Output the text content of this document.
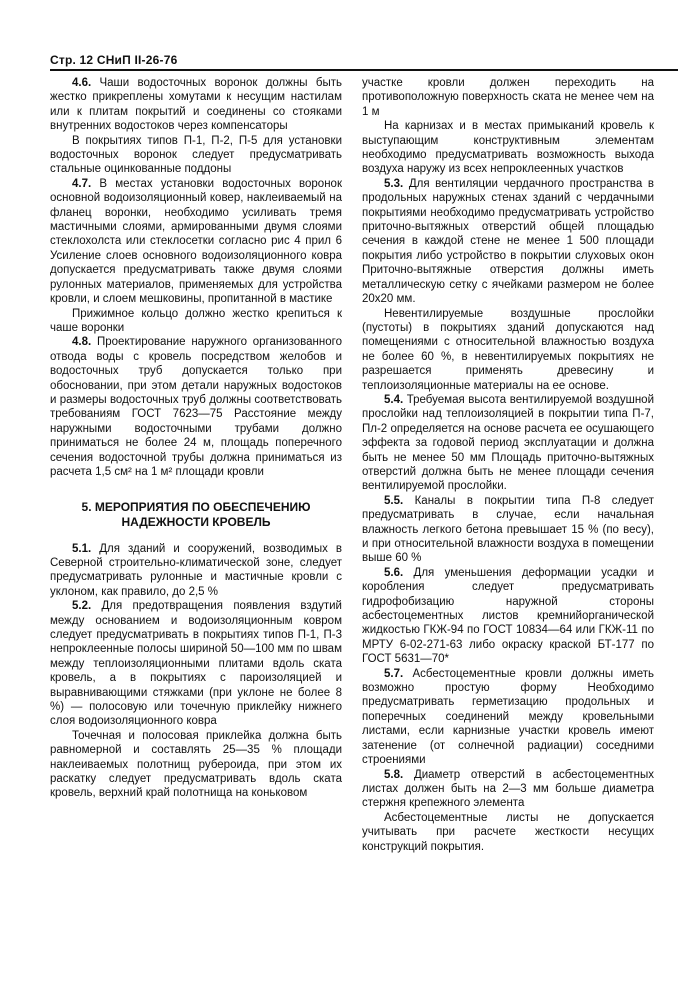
Стр. 12 СНиП II-26-76

4.6. Чаши водосточных воронок должны быть жестко прикреплены хомутами к несущим настилам или к плитам покрытий и соединены со стояками внутренних водостоков через компенсаторы

В покрытиях типов П-1, П-2, П-5 для установки водосточных воронок следует предусматривать стальные оцинкованные поддоны

4.7. В местах установки водосточных воронок основной водоизоляционный ковер, наклеиваемый на фланец воронки, необходимо усиливать тремя мастичными слоями, армированными двумя слоями стеклохолста или стеклосетки согласно рис 4 прил 6 Усиление слоев основного водоизоляционного ковра допускается предусматривать также двумя слоями рулонных материалов, применяемых для устройства кровли, и слоем мешковины, пропитанной в мастике

Прижимное кольцо должно жестко крепиться к чаше воронки

4.8. Проектирование наружного организованного отвода воды с кровель посредством желобов и водосточных труб допускается только при обосновании, при этом детали наружных водостоков и размеры водосточных труб должны соответствовать требованиям ГОСТ 7623—75 Расстояние между наружными водосточными трубами должно приниматься не более 24 м, площадь поперечного сечения водосточной трубы должна приниматься из расчета 1,5 см² на 1 м² площади кровли

5. МЕРОПРИЯТИЯ ПО ОБЕСПЕЧЕНИЮ
НАДЕЖНОСТИ КРОВЕЛЬ

5.1. Для зданий и сооружений, возводимых в Северной строительно-климатической зоне, следует предусматривать рулонные и мастичные кровли с уклоном, как правило, до 2,5 %

5.2. Для предотвращения появления вздутий между основанием и водоизоляционным ковром следует предусматривать в покрытиях типов П-1, П-3 непроклеенные полосы шириной 50—100 мм по швам между теплоизоляционными плитами вдоль ската кровель, а в покрытиях с пароизоляцией и выравнивающими стяжками (при уклоне не более 8 %) — полосовую или точечную приклейку нижнего слоя водоизоляционного ковра

Точечная и полосовая приклейка должна быть равномерной и составлять 25—35 % площади наклеиваемых полотнищ рубероида, при этом их раскатку следует предусматривать вдоль ската кровель, верхний край полотнища на коньковом

участке кровли должен переходить на противоположную поверхность ската не менее чем на 1 м

На карнизах и в местах примыканий кровель к выступающим конструктивным элементам необходимо предусматривать возможность выхода воздуха наружу из всех непроклеенных участков

5.3. Для вентиляции чердачного пространства в продольных наружных стенах зданий с чердачными покрытиями необходимо предусматривать устройство приточно-вытяжных отверстий общей площадью сечения в каждой стене не менее 1 500 площади покрытия либо устройство в покрытии слуховых окон Приточно-вытяжные отверстия должны иметь металлическую сетку с ячейками размером не более 20x20 мм.

Невентилируемые воздушные прослойки (пустоты) в покрытиях зданий допускаются над помещениями с относительной влажностью воздуха не более 60 %, в невентилируемых покрытиях не разрешается применять древесину и теплоизоляционные материалы на ее основе.

5.4. Требуемая высота вентилируемой воздушной прослойки над теплоизоляцией в покрытии типа П-7, Пл-2 определяется на основе расчета ее осушающего эффекта за годовой период эксплуатации и должна быть не менее 50 мм Площадь приточно-вытяжных отверстий должна быть не менее площади сечения вентилируемой прослойки.

5.5. Каналы в покрытии типа П-8 следует предусматривать в случае, если начальная влажность легкого бетона превышает 15 % (по весу), и при относительной влажности воздуха в помещении выше 60 %

5.6. Для уменьшения деформации усадки и коробления следует предусматривать гидрофобизацию наружной стороны асбестоцементных листов кремнийорганической жидкостью ГКЖ-94 по ГОСТ 10834—64 или ГКЖ-11 по МРТУ 6-02-271-63 либо окраску краской БТ-177 по ГОСТ 5631—70*

5.7. Асбестоцементные кровли должны иметь возможно простую форму Необходимо предусматривать герметизацию продольных и поперечных соединений между кровельными листами, если карнизные участки кровель имеют затенение (от солнечной радиации) соседними строениями

5.8. Диаметр отверстий в асбестоцементных листах должен быть на 2—3 мм больше диаметра стержня крепежного элемента

Асбестоцементные листы не допускается учитывать при расчете жесткости несущих конструкций покрытия.
